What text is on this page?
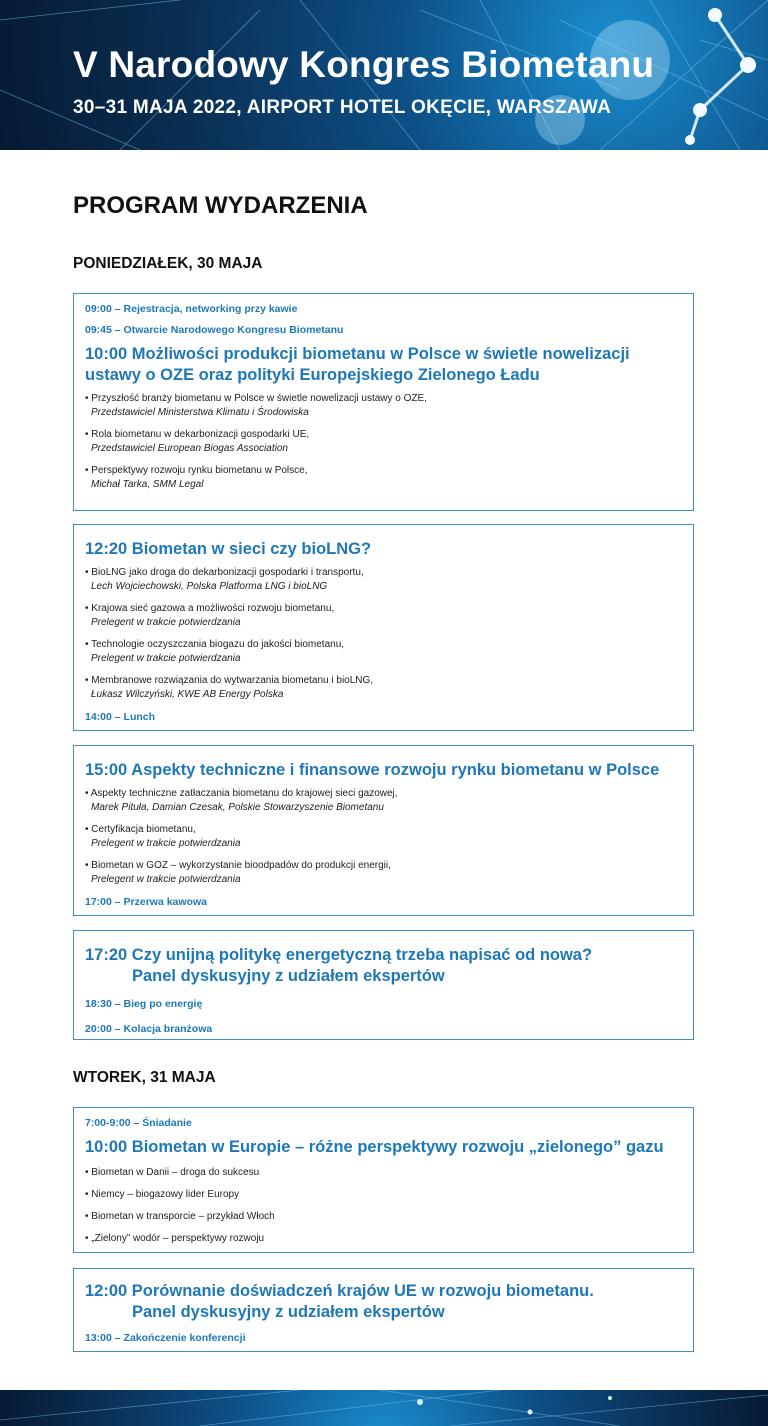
V Narodowy Kongres Biometanu
30–31 MAJA 2022, AIRPORT HOTEL OKĘCIE, WARSZAWA
PROGRAM WYDARZENIA
PONIEDZIAŁEK, 30 MAJA
09:00 – Rejestracja, networking przy kawie
09:45 – Otwarcie Narodowego Kongresu Biometanu
10:00 Możliwości produkcji biometanu w Polsce w świetle nowelizacji
ustawy o OZE oraz polityki Europejskiego Zielonego Ładu
• Przyszłość branży biometanu w Polsce w świetle nowelizacji ustawy o OZE,
Przedstawiciel Ministerstwa Klimatu i Środowiska
• Rola biometanu w dekarbonizacji gospodarki UE,
Przedstawiciel European Biogas Association
• Perspektywy rozwoju rynku biometanu w Polsce,
Michał Tarka, SMM Legal
12:20 Biometan w sieci czy bioLNG?
• BioLNG jako droga do dekarbonizacji gospodarki i transportu,
Lech Wojciechowski, Polska Platforma LNG i bioLNG
• Krajowa sieć gazowa a możliwości rozwoju biometanu,
Prelegent w trakcie potwierdzania
• Technologie oczyszczania biogazu do jakości biometanu,
Prelegent w trakcie potwierdzania
• Membranowe rozwiązania do wytwarzania biometanu i bioLNG,
Łukasz Wilczyński, KWE AB Energy Polska
14:00 – Lunch
15:00 Aspekty techniczne i finansowe rozwoju rynku biometanu w Polsce
• Aspekty techniczne zatłaczania biometanu do krajowej sieci gazowej,
Marek Pituła, Damian Czesak, Polskie Stowarzyszenie Biometanu
• Certyfikacja biometanu,
Prelegent w trakcie potwierdzania
• Biometan w GOZ – wykorzystanie bioodpadów do produkcji energii,
Prelegent w trakcie potwierdzania
17:00 – Przerwa kawowa
17:20 Czy unijną politykę energetyczną trzeba napisać od nowa?
Panel dyskusyjny z udziałem ekspertów
18:30 – Bieg po energię
20:00 – Kolacja branżowa
WTOREK, 31 MAJA
7:00-9:00 – Śniadanie
10:00 Biometan w Europie – różne perspektywy rozwoju „zielonego” gazu
• Biometan w Danii – droga do sukcesu
• Niemcy – biogazowy lider Europy
• Biometan w transporcie – przykład Włoch
• „Zielony” wodór – perspektywy rozwoju
12:00 Porównanie doświadczeń krajów UE w rozwoju biometanu.
Panel dyskusyjny z udziałem ekspertów
13:00 – Zakończenie konferencji
